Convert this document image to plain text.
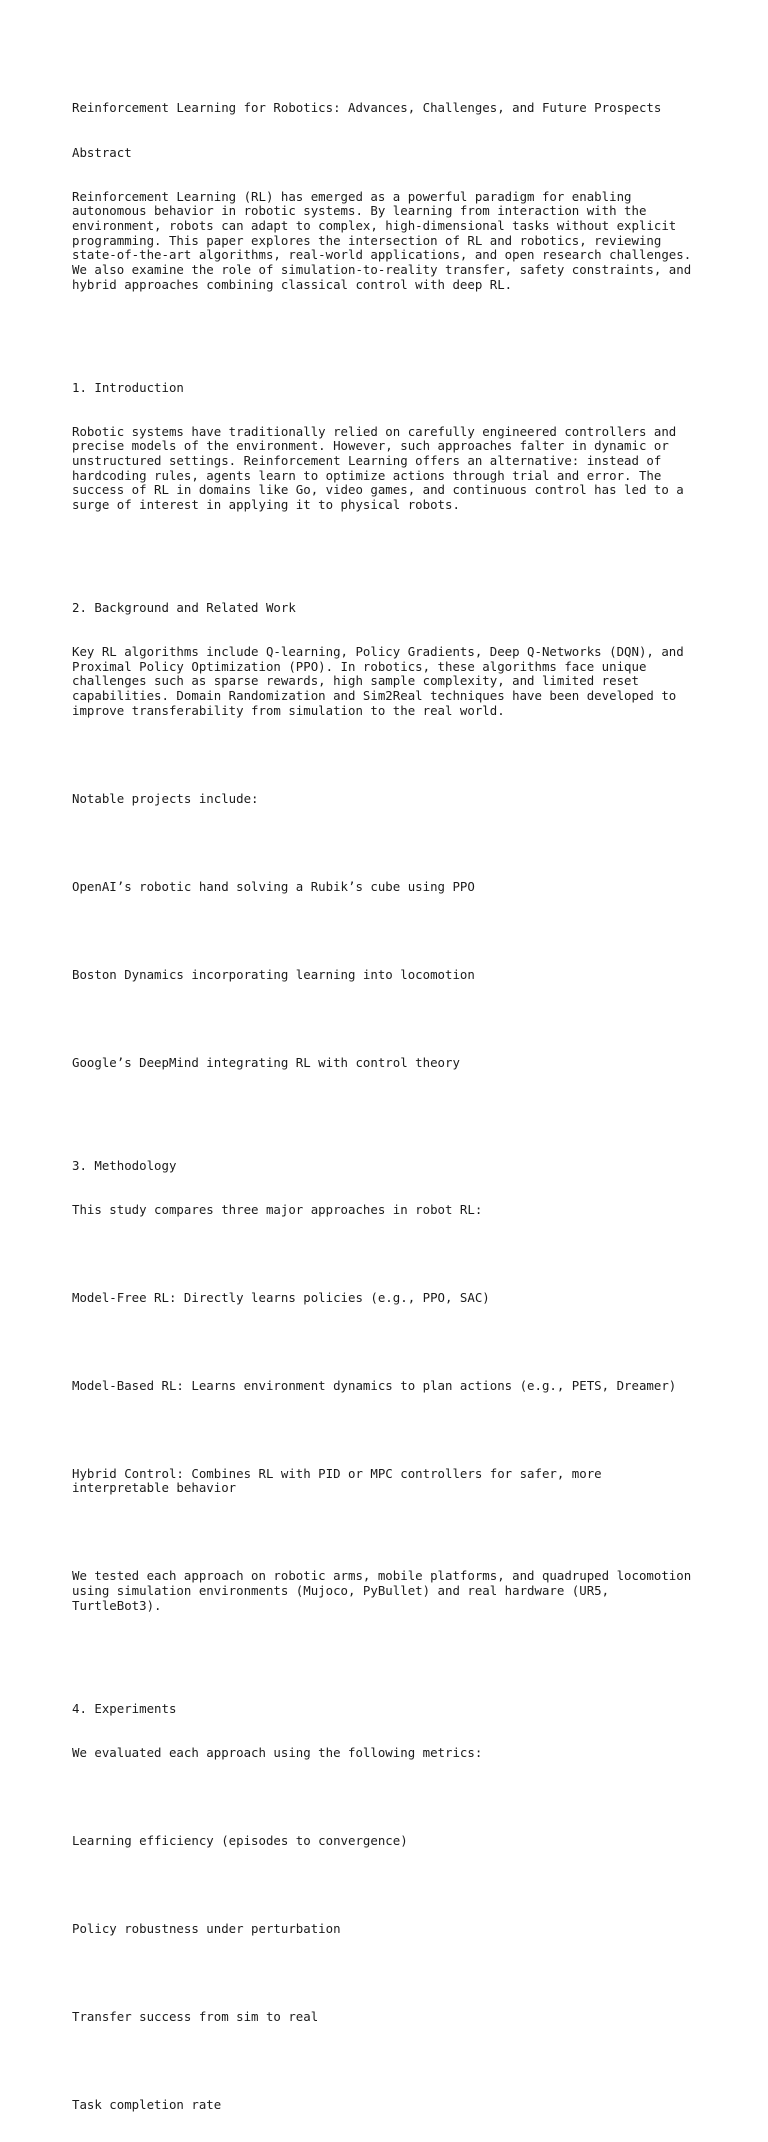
Reinforcement Learning for Robotics: Advances, Challenges, and Future Prospects

Abstract

Reinforcement Learning (RL) has emerged as a powerful paradigm for enabling
autonomous behavior in robotic systems. By learning from interaction with the
environment, robots can adapt to complex, high-dimensional tasks without explicit
programming. This paper explores the intersection of RL and robotics, reviewing
state-of-the-art algorithms, real-world applications, and open research challenges.
We also examine the role of simulation-to-reality transfer, safety constraints, and
hybrid approaches combining classical control with deep RL.

1. Introduction

Robotic systems have traditionally relied on carefully engineered controllers and
precise models of the environment. However, such approaches falter in dynamic or
unstructured settings. Reinforcement Learning offers an alternative: instead of
hardcoding rules, agents learn to optimize actions through trial and error. The
success of RL in domains like Go, video games, and continuous control has led to a
surge of interest in applying it to physical robots.

2. Background and Related Work

Key RL algorithms include Q-learning, Policy Gradients, Deep Q-Networks (DQN), and
Proximal Policy Optimization (PPO). In robotics, these algorithms face unique
challenges such as sparse rewards, high sample complexity, and limited reset
capabilities. Domain Randomization and Sim2Real techniques have been developed to
improve transferability from simulation to the real world.

Notable projects include:

OpenAI’s robotic hand solving a Rubik’s cube using PPO

Boston Dynamics incorporating learning into locomotion

Google’s DeepMind integrating RL with control theory

3. Methodology

This study compares three major approaches in robot RL:

Model-Free RL: Directly learns policies (e.g., PPO, SAC)

Model-Based RL: Learns environment dynamics to plan actions (e.g., PETS, Dreamer)

Hybrid Control: Combines RL with PID or MPC controllers for safer, more
interpretable behavior

We tested each approach on robotic arms, mobile platforms, and quadruped locomotion
using simulation environments (Mujoco, PyBullet) and real hardware (UR5,
TurtleBot3).

4. Experiments

We evaluated each approach using the following metrics:

Learning efficiency (episodes to convergence)

Policy robustness under perturbation

Transfer success from sim to real

Task completion rate
